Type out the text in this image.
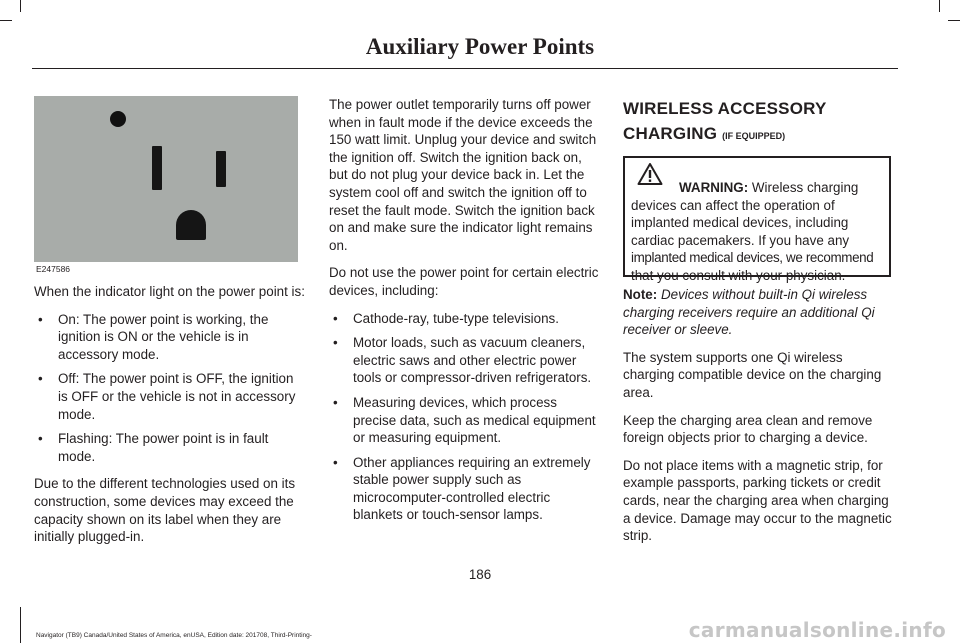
Auxiliary Power Points
E247586

When the indicator light on the power point is:

• On: The power point is working, the ignition is ON or the vehicle is in accessory mode.
• Off: The power point is OFF, the ignition is OFF or the vehicle is not in accessory mode.
• Flashing: The power point is in fault mode.

Due to the different technologies used on its construction, some devices may exceed the capacity shown on its label when they are initially plugged-in.

The power outlet temporarily turns off power when in fault mode if the device exceeds the 150 watt limit. Unplug your device and switch the ignition off. Switch the ignition back on, but do not plug your device back in. Let the system cool off and switch the ignition off to reset the fault mode. Switch the ignition back on and make sure the indicator light remains on.

Do not use the power point for certain electric devices, including:

• Cathode-ray, tube-type televisions.
• Motor loads, such as vacuum cleaners, electric saws and other electric power tools or compressor-driven refrigerators.
• Measuring devices, which process precise data, such as medical equipment or measuring equipment.
• Other appliances requiring an extremely stable power supply such as microcomputer-controlled electric blankets or touch-sensor lamps.
WIRELESS ACCESSORY
CHARGING (IF EQUIPPED)
WARNING: Wireless charging
devices can affect the operation of
implanted medical devices, including
cardiac pacemakers. If you have any
implanted medical devices, we recommend
that you consult with your physician.

Note: Devices without built-in Qi wireless charging receivers require an additional Qi receiver or sleeve.

The system supports one Qi wireless charging compatible device on the charging area.

Keep the charging area clean and remove foreign objects prior to charging a device.

Do not place items with a magnetic strip, for example passports, parking tickets or credit cards, near the charging area when charging a device. Damage may occur to the magnetic strip.

186
Navigator (TB9) Canada/United States of America, enUSA, Edition date: 201708, Third-Printing-	carmanualsonline.info
